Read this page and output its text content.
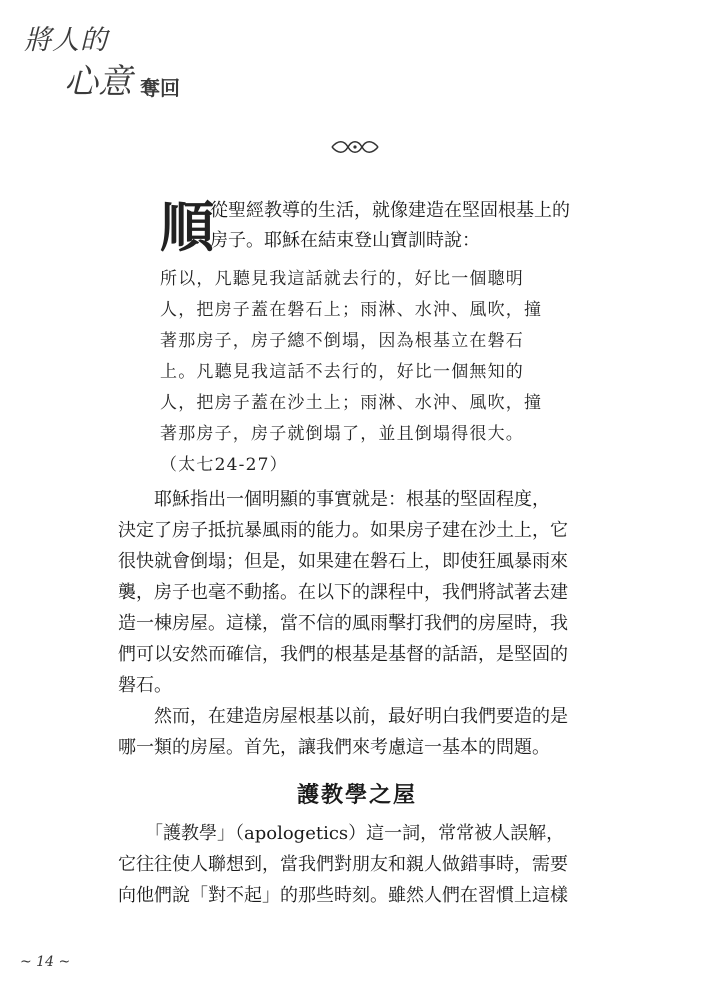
將人的
心意 奪回
順
從聖經教導的生活，就像建造在堅固根基上的
房子。耶穌在結束登山寶訓時說：
所以，凡聽見我這話就去行的，好比一個聰明
人，把房子蓋在磐石上；雨淋、水沖、風吹，撞
著那房子，房子總不倒塌，因為根基立在磐石
上。凡聽見我這話不去行的，好比一個無知的
人，把房子蓋在沙土上；雨淋、水沖、風吹，撞
著那房子，房子就倒塌了，並且倒塌得很大。
（太七24-27）
　　耶穌指出一個明顯的事實就是：根基的堅固程度，
決定了房子抵抗暴風雨的能力。如果房子建在沙土上，它
很快就會倒塌；但是，如果建在磐石上，即使狂風暴雨來
襲，房子也毫不動搖。在以下的課程中，我們將試著去建
造一棟房屋。這樣，當不信的風雨擊打我們的房屋時，我
們可以安然而確信，我們的根基是基督的話語，是堅固的
磐石。
　　然而，在建造房屋根基以前，最好明白我們要造的是
哪一類的房屋。首先，讓我們來考慮這一基本的問題。
護教學之屋
　　「護教學」（apologetics）這一詞，常常被人誤解，
它往往使人聯想到，當我們對朋友和親人做錯事時，需要
向他們說「對不起」的那些時刻。雖然人們在習慣上這樣
~ 14 ~
